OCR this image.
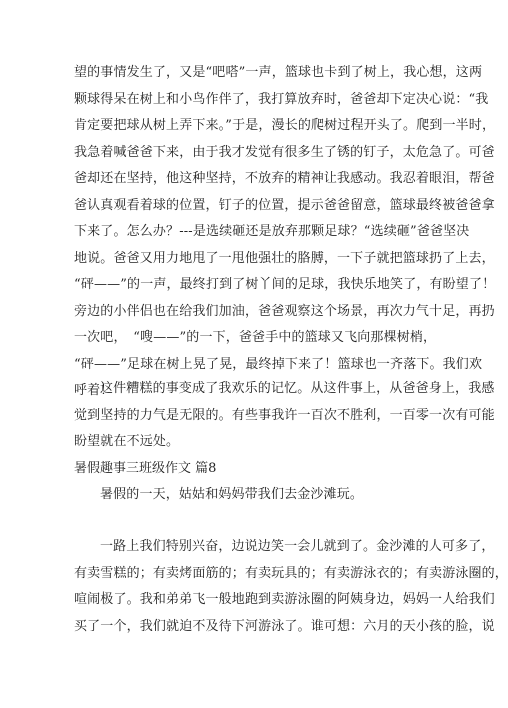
望的事情发生了，又是“吧嗒”一声，篮球也卡到了树上，我心想，这两
颗球得呆在树上和小鸟作伴了，我打算放弃时，爸爸却下定决心说：“我
肯定要把球从树上弄下来。”于是，漫长的爬树过程开头了。爬到一半时，
我急着喊爸爸下来，由于我才发觉有很多生了锈的钉子，太危急了。可爸
爸却还在坚持，他这种坚持，不放弃的精神让我感动。我忍着眼泪，帮爸
爸认真观看着球的位置，钉子的位置，提示爸爸留意，篮球最终被爸爸拿
下来了。怎么办？---是选续砸还是放弃那颗足球？“选续砸”爸爸坚决
地说。爸爸又用力地甩了一甩他强壮的胳膊，一下子就把篮球扔了上去，
“砰——”的一声，最终打到了树丫间的足球，我快乐地笑了，有盼望了！
旁边的小伴侣也在给我们加油，爸爸观察这个场景，再次力气十足，再扔
一次吧，　“嗖——”的一下，爸爸手中的篮球又飞向那棵树梢，
“砰——”足球在树上晃了晃，最终掉下来了！篮球也一齐落下。我们欢
呼着！
这件糟糕的事变成了我欢乐的记忆。从这件事上，从爸爸身上，我感
觉到坚持的力气是无限的。有些事我许一百次不胜利，一百零一次有可能
盼望就在不远处。
暑假趣事三班级作文 篇8
暑假的一天，姑姑和妈妈带我们去金沙滩玩。
一路上我们特别兴奋，边说边笑一会儿就到了。金沙滩的人可多了，
有卖雪糕的；有卖烤面筋的；有卖玩具的；有卖游泳衣的；有卖游泳圈的，
喧闹极了。我和弟弟飞一般地跑到卖游泳圈的阿姨身边，妈妈一人给我们
买了一个，我们就迫不及待下河游泳了。谁可想：六月的天小孩的脸，说
